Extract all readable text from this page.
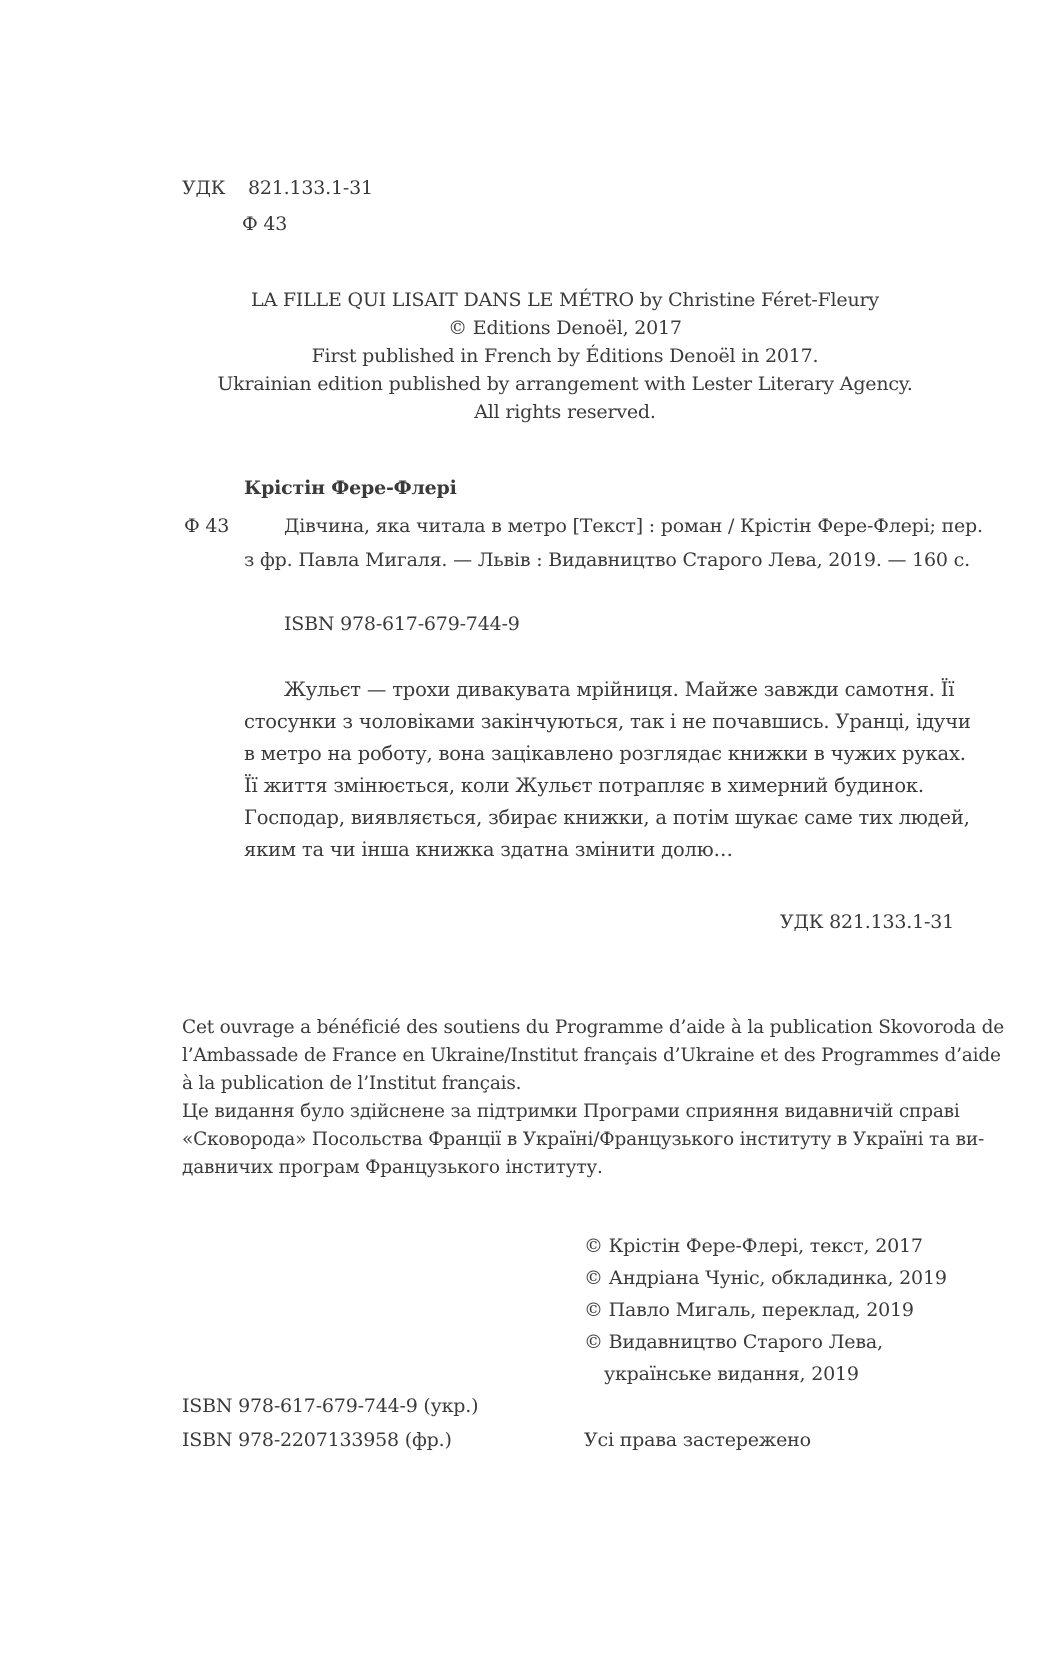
УДК 821.133.1-31
Ф 43
LA FILLE QUI LISAIT DANS LE MÉTRO by Christine Féret-Fleury
© Editions Denoël, 2017
First published in French by Éditions Denoël in 2017.
Ukrainian edition published by arrangement with Lester Literary Agency.
All rights reserved.
Крістін Фере-Флері
Ф 43	Дівчина, яка читала в метро [Текст] : роман / Крістін Фере-Флері; пер.
з фр. Павла Мигаля. — Львів : Видавництво Старого Лева, 2019. — 160 с.
ISBN 978-617-679-744-9
Жульєт — трохи дивакувата мрійниця. Майже завжди самотня. Її
стосунки з чоловіками закінчуються, так і не почавшись. Уранці, ідучи
в метро на роботу, вона зацікавлено розглядає книжки в чужих руках.
Її життя змінюється, коли Жульєт потрапляє в химерний будинок.
Господар, виявляється, збирає книжки, а потім шукає саме тих людей,
яким та чи інша книжка здатна змінити долю…
УДК 821.133.1-31
Cet ouvrage a bénéficié des soutiens du Programme d’aide à la publication Skovoroda de
l’Ambassade de France en Ukraine/Institut français d’Ukraine et des Programmes d’aide
à la publication de l’Institut français.
Це видання було здійснене за підтримки Програми сприяння видавничій справі
«Сковорода» Посольства Франції в Україні/Французького інституту в Україні та ви-
давничих програм Французького інституту.
© Крістін Фере-Флері, текст, 2017
© Андріана Чуніс, обкладинка, 2019
© Павло Мигаль, переклад, 2019
© Видавництво Старого Лева,
українське видання, 2019
ISBN 978-617-679-744-9 (укр.)
ISBN 978-2207133958 (фр.)	Усі права застережено
